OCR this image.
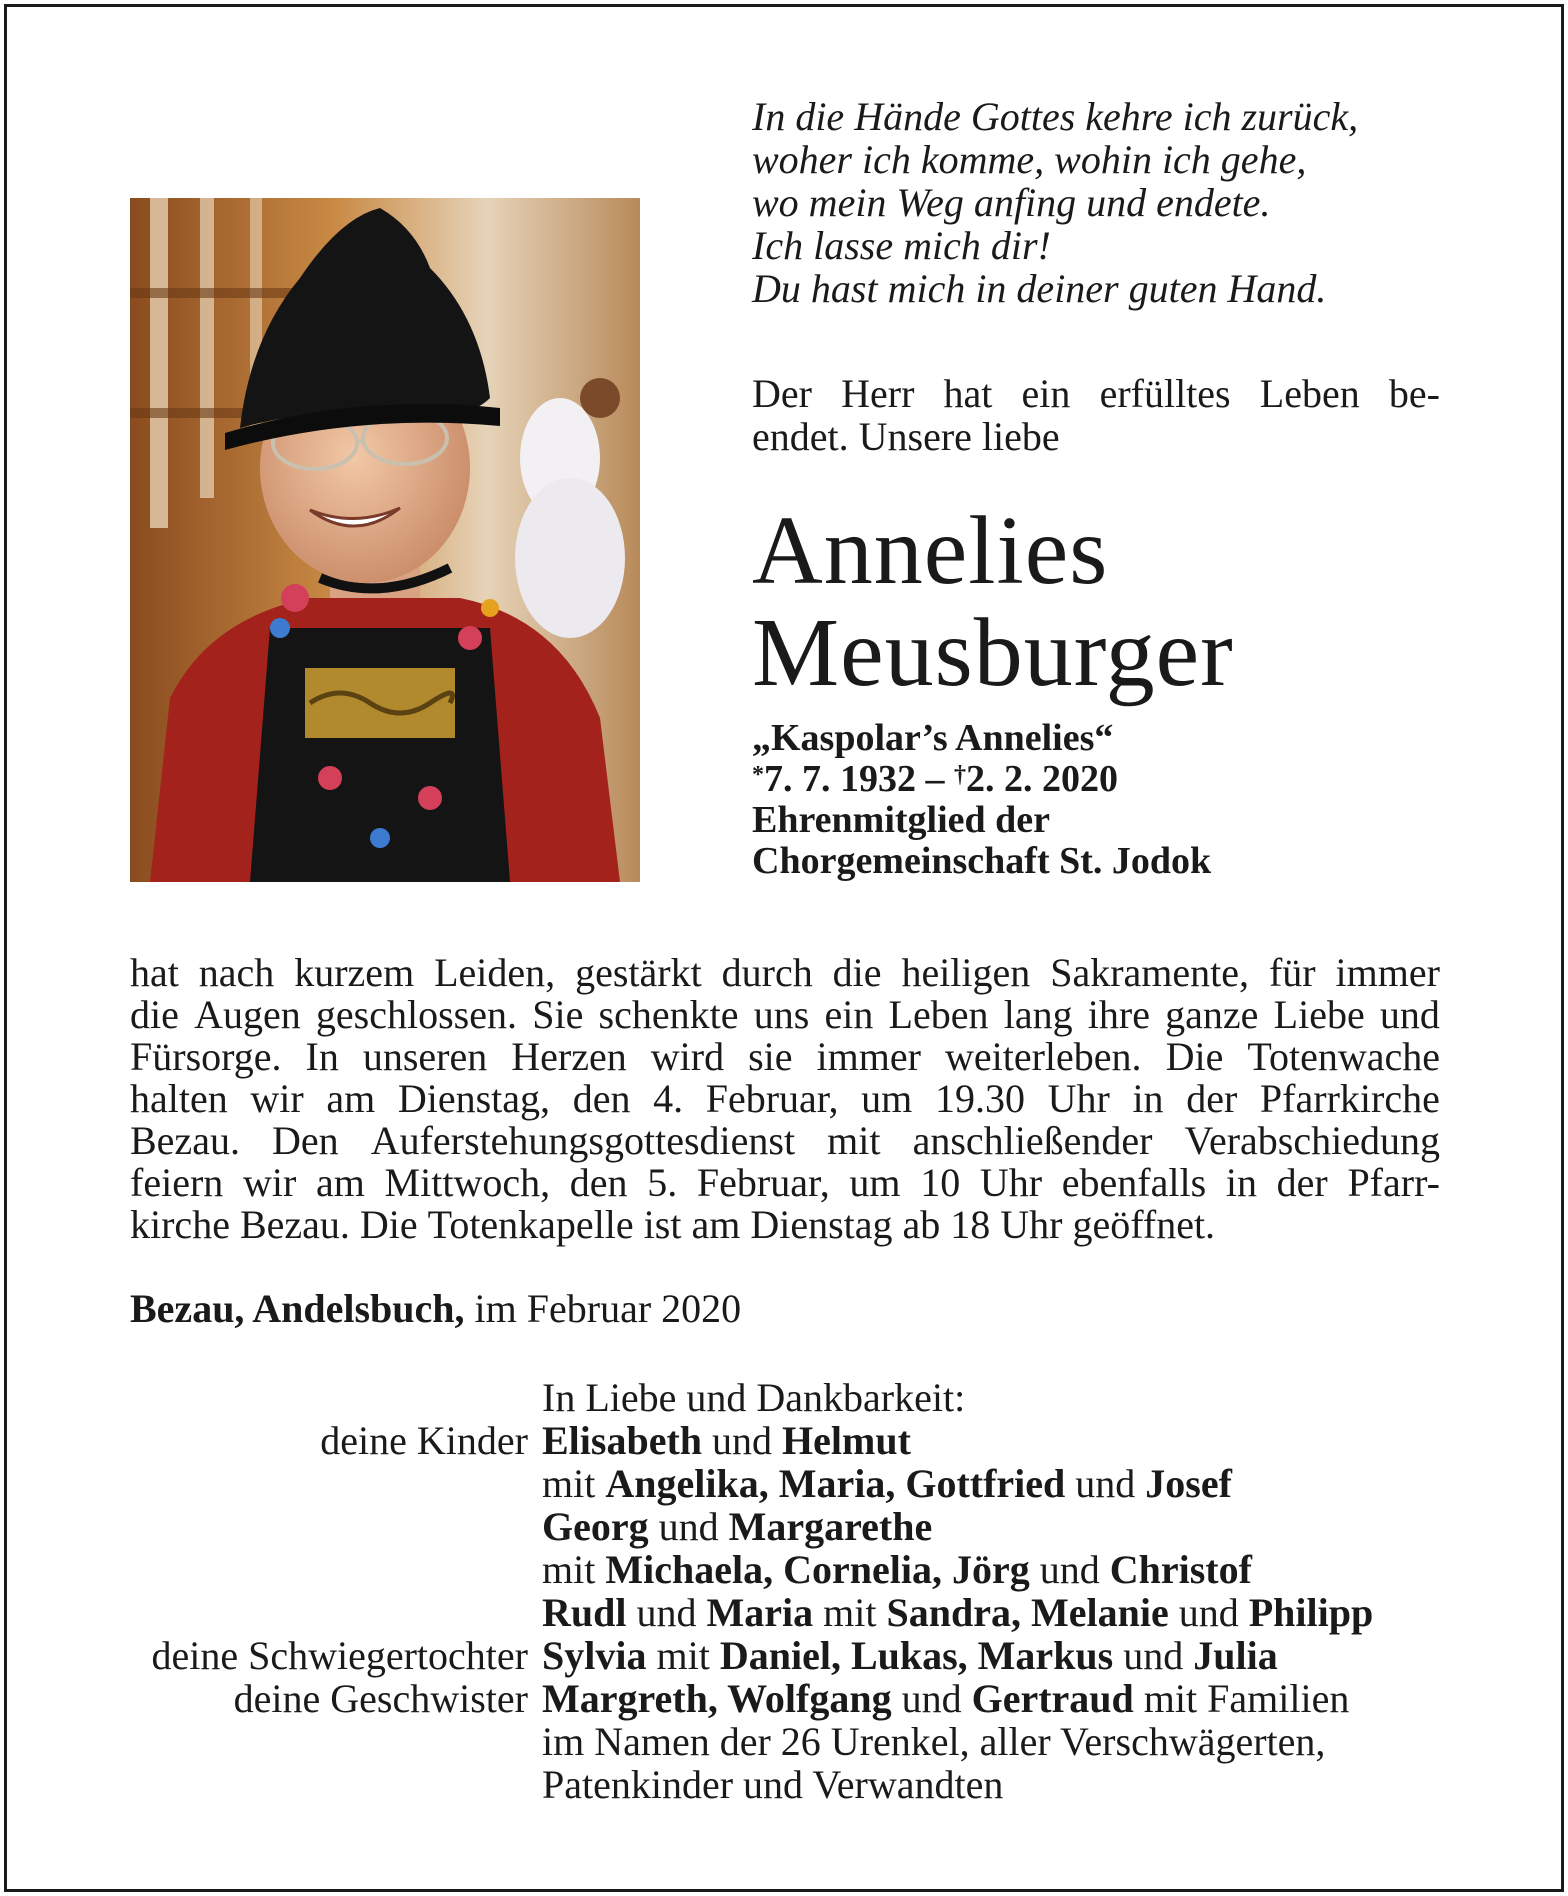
In die Hände Gottes kehre ich zurück,
woher ich komme, wohin ich gehe,
wo mein Weg anfing und endete.
Ich lasse mich dir!
Du hast mich in deiner guten Hand.
Der Herr hat ein erfülltes Leben be-
endet. Unsere liebe
Annelies
Meusburger
„Kaspolar’s Annelies“
*7. 7. 1932 – †2. 2. 2020
Ehrenmitglied der
Chorgemeinschaft St. Jodok
hat nach kurzem Leiden, gestärkt durch die heiligen Sakramente, für immer
die Augen geschlossen. Sie schenkte uns ein Leben lang ihre ganze Liebe und
Fürsorge. In unseren Herzen wird sie immer weiterleben. Die Totenwache
halten wir am Dienstag, den 4. Februar, um 19.30 Uhr in der Pfarrkirche
Bezau. Den Auferstehungsgottesdienst mit anschließender Verabschiedung
feiern wir am Mittwoch, den 5. Februar, um 10 Uhr ebenfalls in der Pfarr-
kirche Bezau. Die Totenkapelle ist am Dienstag ab 18 Uhr geöffnet.
Bezau, Andelsbuch, im Februar 2020
In Liebe und Dankbarkeit:
deine Kinder Elisabeth und Helmut
mit Angelika, Maria, Gottfried und Josef
Georg und Margarethe
mit Michaela, Cornelia, Jörg und Christof
Rudl und Maria mit Sandra, Melanie und Philipp
deine Schwiegertochter Sylvia mit Daniel, Lukas, Markus und Julia
deine Geschwister Margreth, Wolfgang und Gertraud mit Familien
im Namen der 26 Urenkel, aller Verschwägerten,
Patenkinder und Verwandten
